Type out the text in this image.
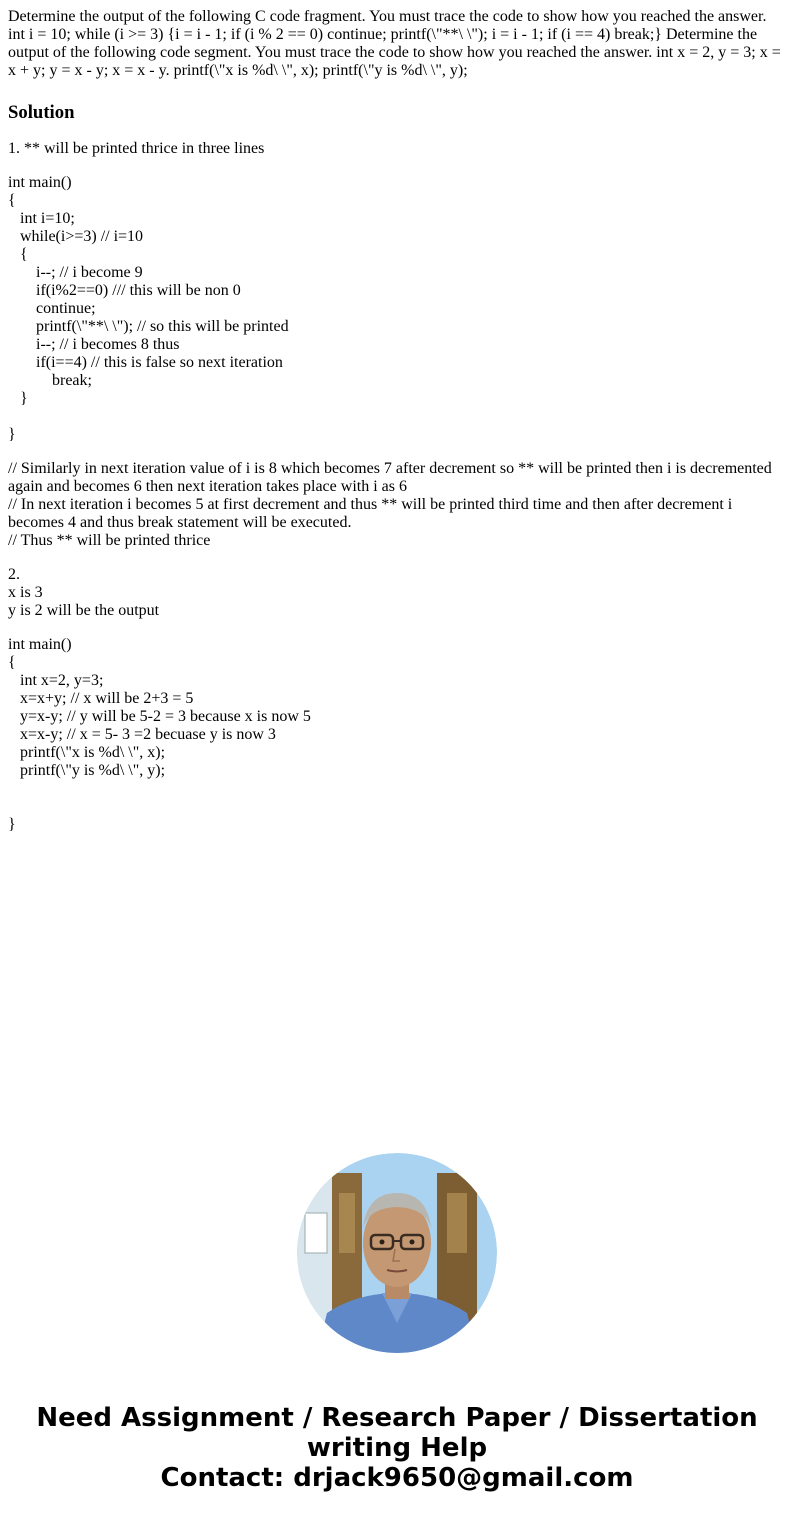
Determine the output of the following C code fragment. You must trace the code to show how you reached the answer. int i = 10; while (i >= 3) {i = i - 1; if (i % 2 == 0) continue; printf(\"**\ \"); i = i - 1; if (i == 4) break;} Determine the output of the following code segment. You must trace the code to show how you reached the answer. int x = 2, y = 3; x = x + y; y = x - y; x = x - y. printf(\"x is %d\ \", x); printf(\"y is %d\ \", y);

Solution
1. ** will be printed thrice in three lines
int main()
{
int i=10;
while(i>=3) // i=10
{
i--; // i become 9
if(i%2==0) /// this will be non 0
continue;
printf(\"**\ \"); // so this will be printed
i--; // i becomes 8 thus
if(i==4) // this is false so next iteration
break;
}
}
// Similarly in next iteration value of i is 8 which becomes 7 after decrement so ** will be printed then i is decremented again and becomes 6 then next iteration takes place with i as 6
// In next iteration i becomes 5 at first decrement and thus ** will be printed third time and then after decrement i becomes 4 and thus break statement will be executed.
// Thus ** will be printed thrice
2.
x is 3
y is 2 will be the output
int main()
{
int x=2, y=3;
x=x+y; // x will be 2+3 = 5
y=x-y; // y will be 5-2 = 3 because x is now 5
x=x-y; // x = 5- 3 =2 becuase y is now 3
printf(\"x is %d\ \", x);
printf(\"y is %d\ \", y);
}
Need Assignment / Research Paper / Dissertation
writing Help
Contact: drjack9650@gmail.com
